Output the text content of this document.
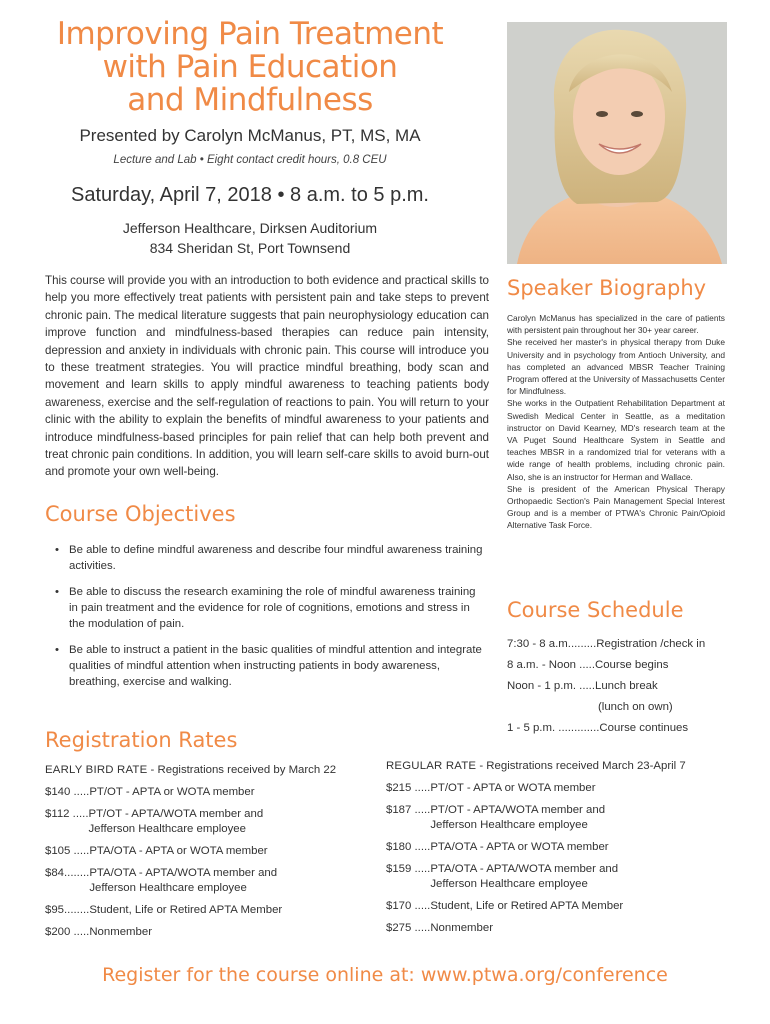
Improving Pain Treatment
with Pain Education
and Mindfulness
Presented by Carolyn McManus, PT, MS, MA
Lecture and Lab • Eight contact credit hours, 0.8 CEU
Saturday, April 7, 2018 • 8 a.m. to 5 p.m.
Jefferson Healthcare, Dirksen Auditorium
834 Sheridan St, Port Townsend

This course will provide you with an introduction to both evidence and practical skills to help you more effectively treat patients with persistent pain and take steps to prevent chronic pain. The medical literature suggests that pain neurophysiology education can improve function and mindfulness-based therapies can reduce pain intensity, depression and anxiety in individuals with chronic pain. This course will introduce you to these treatment strategies. You will practice mindful breathing, body scan and movement and learn skills to apply mindful awareness to teaching patients body awareness, exercise and the self-regulation of reactions to pain. You will return to your clinic with the ability to explain the benefits of mindful awareness to your patients and introduce mindfulness-based principles for pain relief that can help both prevent and treat chronic pain conditions. In addition, you will learn self-care skills to avoid burn-out and promote your own well-being.

Course Objectives
• Be able to define mindful awareness and describe four mindful awareness training activities.
• Be able to discuss the research examining the role of mindful awareness training in pain treatment and the evidence for role of cognitions, emotions and stress in the modulation of pain.
• Be able to instruct a patient in the basic qualities of mindful attention and integrate qualities of mindful attention when instructing patients in body awareness, breathing, exercise and walking.
Speaker Biography

Carolyn McManus has specialized in the care of patients with persistent pain throughout her 30+ year career.

She received her master's in physical therapy from Duke University and in psychology from Antioch University, and has completed an advanced MBSR Teacher Training Program offered at the University of Massachusetts Center for Mindfulness.

She works in the Outpatient Rehabilitation Department at Swedish Medical Center in Seattle, as a meditation instructor on David Kearney, MD's research team at the VA Puget Sound Healthcare System in Seattle and teaches MBSR in a randomized trial for veterans with a wide range of health problems, including chronic pain. Also, she is an instructor for Herman and Wallace.

She is president of the American Physical Therapy Orthopaedic Section's Pain Management Special Interest Group and is a member of PTWA's Chronic Pain/Opioid Alternative Task Force.

Course Schedule
7:30 - 8 a.m......... Registration /check in
8 a.m. - Noon ..... Course begins
Noon - 1 p.m. ..... Lunch break
(lunch on own)
1 - 5 p.m. ............. Course continues
Registration Rates
EARLY BIRD RATE - Registrations received by March 22
$140 ..... PT/OT - APTA or WOTA member
$112 ..... PT/OT - APTA/WOTA member and Jefferson Healthcare employee
$105 ..... PTA/OTA - APTA or WOTA member
$84........ PTA/OTA - APTA/WOTA member and Jefferson Healthcare employee
$95........ Student, Life or Retired APTA Member
$200 ..... Nonmember
REGULAR RATE - Registrations received March 23-April 7
$215 ..... PT/OT - APTA or WOTA member
$187 ..... PT/OT - APTA/WOTA member and Jefferson Healthcare employee
$180 ..... PTA/OTA - APTA or WOTA member
$159 ..... PTA/OTA - APTA/WOTA member and Jefferson Healthcare employee
$170 ..... Student, Life or Retired APTA Member
$275 ..... Nonmember
Register for the course online at: www.ptwa.org/conference
